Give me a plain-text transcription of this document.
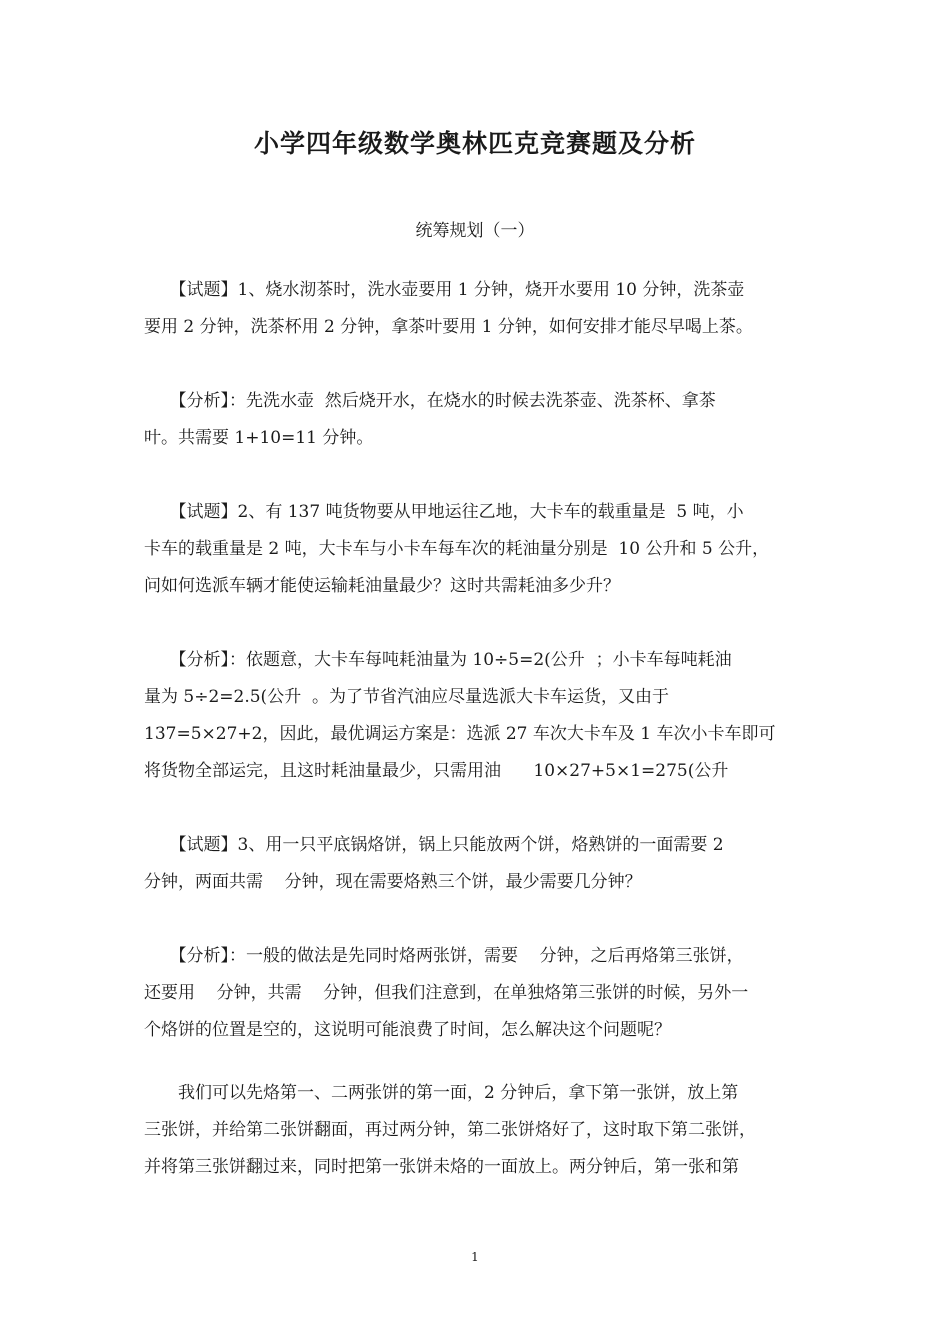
小学四年级数学奥林匹克竞赛题及分析

统筹规划（一）

　　【试题】1、烧水沏茶时，洗水壶要用 1 分钟，烧开水要用 10 分钟，洗茶壶
要用 2 分钟，洗茶杯用 2 分钟，拿茶叶要用 1 分钟，如何安排才能尽早喝上茶。

　　【分析】：先洗水壶  然后烧开水，在烧水的时候去洗茶壶、洗茶杯、拿茶
叶。共需要 1+10=11 分钟。

　　【试题】2、有 137 吨货物要从甲地运往乙地，大卡车的载重量是  5 吨，小
卡车的载重量是 2 吨，大卡车与小卡车每车次的耗油量分别是  10 公升和 5 公升，
问如何选派车辆才能使运输耗油量最少？这时共需耗油多少升？

　　【分析】：依题意，大卡车每吨耗油量为 10÷5=2(公升  ；小卡车每吨耗油
量为 5÷2=2.5(公升  。为了节省汽油应尽量选派大卡车运货，又由于
137=5×27+2，因此，最优调运方案是：选派 27 车次大卡车及 1 车次小卡车即可
将货物全部运完，且这时耗油量最少，只需用油      10×27+5×1=275(公升

　　【试题】3、用一只平底锅烙饼，锅上只能放两个饼，烙熟饼的一面需要 2
分钟，两面共需    分钟，现在需要烙熟三个饼，最少需要几分钟？

　　【分析】：一般的做法是先同时烙两张饼，需要    分钟，之后再烙第三张饼，
还要用    分钟，共需    分钟，但我们注意到，在单独烙第三张饼的时候，另外一
个烙饼的位置是空的，这说明可能浪费了时间，怎么解决这个问题呢？

　　我们可以先烙第一、二两张饼的第一面，2 分钟后，拿下第一张饼，放上第
三张饼，并给第二张饼翻面，再过两分钟，第二张饼烙好了，这时取下第二张饼，
并将第三张饼翻过来，同时把第一张饼未烙的一面放上。两分钟后，第一张和第

1
